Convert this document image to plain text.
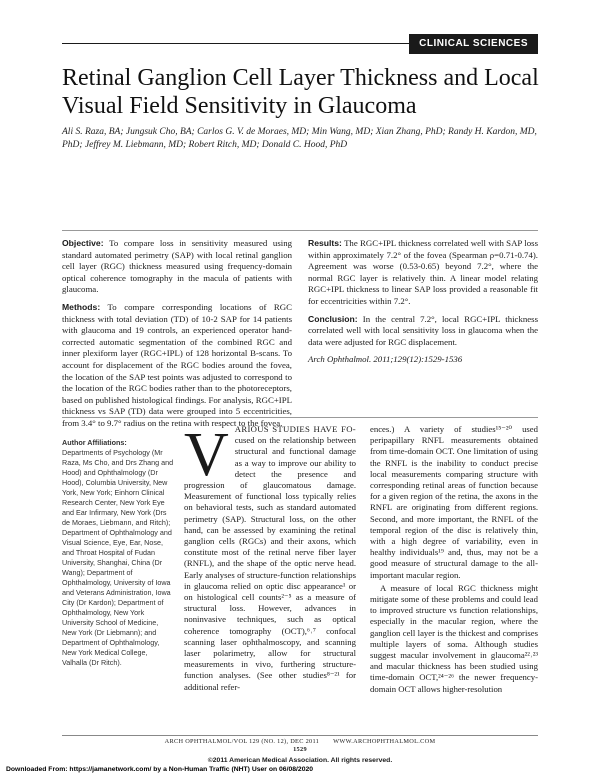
CLINICAL SCIENCES
Retinal Ganglion Cell Layer Thickness and Local Visual Field Sensitivity in Glaucoma

Ali S. Raza, BA; Jungsuk Cho, BA; Carlos G. V. de Moraes, MD; Min Wang, MD; Xian Zhang, PhD; Randy H. Kardon, MD, PhD; Jeffrey M. Liebmann, MD; Robert Ritch, MD; Donald C. Hood, PhD

Objective: To compare loss in sensitivity measured using standard automated perimetry (SAP) with local retinal ganglion cell layer (RGC) thickness measured using frequency-domain optical coherence tomography in the macula of patients with glaucoma.

Methods: To compare corresponding locations of RGC thickness with total deviation (TD) of 10-2 SAP for 14 patients with glaucoma and 19 controls, an experienced operator hand-corrected automatic segmentation of the combined RGC and inner plexiform layer (RGC+IPL) of 128 horizontal B-scans. To account for displacement of the RGC bodies around the fovea, the location of the SAP test points was adjusted to correspond to the location of the RGC bodies rather than to the photoreceptors, based on published histological findings. For analysis, RGC+IPL thickness vs SAP (TD) data were grouped into 5 eccentricities, from 3.4° to 9.7° radius on the retina with respect to the fovea.

Results: The RGC+IPL thickness correlated well with SAP loss within approximately 7.2° of the fovea (Spearman ρ=0.71-0.74). Agreement was worse (0.53-0.65) beyond 7.2°, where the normal RGC layer is relatively thin. A linear model relating RGC+IPL thickness to linear SAP loss provided a reasonable fit for eccentricities within 7.2°.

Conclusion: In the central 7.2°, local RGC+IPL thickness correlated well with local sensitivity loss in glaucoma when the data were adjusted for RGC displacement.

Arch Ophthalmol. 2011;129(12):1529-1536

Author Affiliations:
Departments of Psychology (Mr Raza, Ms Cho, and Drs Zhang and Hood) and Ophthalmology (Dr Hood), Columbia University, New York, New York; Einhorn Clinical Research Center, New York Eye and Ear Infirmary, New York (Drs de Moraes, Liebmann, and Ritch); Department of Ophthalmology and Visual Science, Eye, Ear, Nose, and Throat Hospital of Fudan University, Shanghai, China (Dr Wang); Department of Ophthalmology, University of Iowa and Veterans Administration, Iowa City (Dr Kardon); Department of Ophthalmology, New York University School of Medicine, New York (Dr Liebmann); and Department of Ophthalmology, New York Medical College, Valhalla (Dr Ritch).

VARIOUS STUDIES HAVE FO- cused on the relationship between structural and functional damage as a way to improve our ability to detect the presence and progression of glaucomatous damage. Measurement of functional loss typically relies on behavioral tests, such as standard automated perimetry (SAP). Structural loss, on the other hand, can be assessed by examining the retinal ganglion cells (RGCs) and their axons, which constitute most of the retinal nerve fiber layer (RNFL), and the shape of the optic nerve head. Early analyses of structure-function relationships in glaucoma relied on optic disc appearance¹ or on histological cell counts²⁻⁵ as a measure of structural loss. However, advances in noninvasive techniques, such as optical coherence tomography (OCT),⁶˒⁷ confocal scanning laser ophthalmoscopy, and scanning laser polarimetry, allow for structural measurements in vivo, furthering structure-function analyses. (See other studies⁸⁻²¹ for additional refer-

ences.) A variety of studies¹⁵⁻²⁰ used peripapillary RNFL measurements obtained from time-domain OCT. One limitation of using the RNFL is the inability to conduct precise local measurements comparing structure with corresponding retinal areas of function because for a given region of the retina, the axons in the RNFL are originating from different regions. Second, and more important, the RNFL of the temporal region of the disc is relatively thin, with a high degree of variability, even in healthy individuals¹⁹ and, thus, may not be a good measure of structural damage to the all-important macular region.

A measure of local RGC thickness might mitigate some of these problems and could lead to improved structure vs function relationships, especially in the macular region, where the ganglion cell layer is the thickest and comprises multiple layers of soma. Although studies suggest macular involvement in glaucoma²²˒²³ and macular thickness has been studied using time-domain OCT,²⁴⁻²⁶ the newer frequency-domain OCT allows higher-resolution

ARCH OPHTHALMOL/VOL 129 (NO. 12), DEC 2011 WWW.ARCHOPHTHALMOL.COM
1529
©2011 American Medical Association. All rights reserved.
Downloaded From: https://jamanetwork.com/ by a Non-Human Traffic (NHT) User on 06/08/2020
